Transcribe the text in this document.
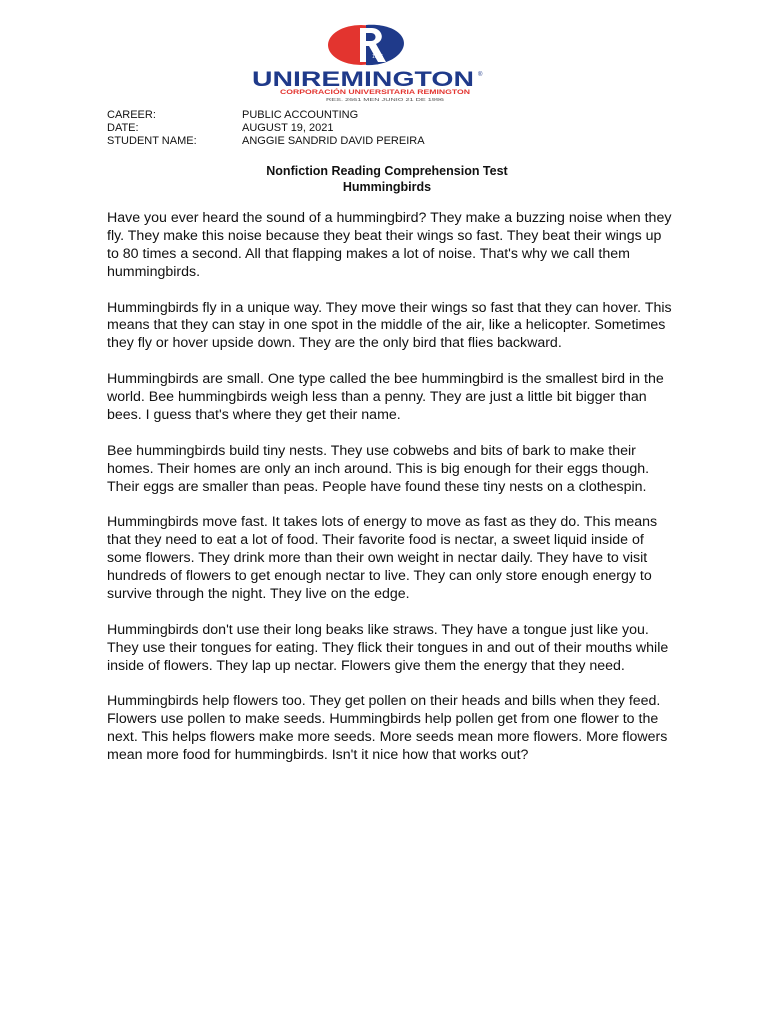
1915
UNIREMINGTON ®
CORPORACIÓN UNIVERSITARIA REMINGTON
RES. 2661 MEN JUNIO 21 DE 1996
CAREER:	PUBLIC ACCOUNTING
DATE:	AUGUST 19, 2021
STUDENT NAME:	ANGGIE SANDRID DAVID PEREIRA
Nonfiction Reading Comprehension Test
Hummingbirds

Have you ever heard the sound of a hummingbird? They make a buzzing noise when they fly. They make this noise because they beat their wings so fast. They beat their wings up to 80 times a second. All that flapping makes a lot of noise. That's why we call them hummingbirds.

Hummingbirds fly in a unique way. They move their wings so fast that they can hover. This means that they can stay in one spot in the middle of the air, like a helicopter. Sometimes they fly or hover upside down. They are the only bird that flies backward.

Hummingbirds are small. One type called the bee hummingbird is the smallest bird in the world. Bee hummingbirds weigh less than a penny. They are just a little bit bigger than bees. I guess that's where they get their name.

Bee hummingbirds build tiny nests. They use cobwebs and bits of bark to make their homes. Their homes are only an inch around. This is big enough for their eggs though. Their eggs are smaller than peas. People have found these tiny nests on a clothespin.

Hummingbirds move fast. It takes lots of energy to move as fast as they do. This means that they need to eat a lot of food. Their favorite food is nectar, a sweet liquid inside of some flowers. They drink more than their own weight in nectar daily. They have to visit hundreds of flowers to get enough nectar to live. They can only store enough energy to survive through the night. They live on the edge.

Hummingbirds don't use their long beaks like straws. They have a tongue just like you. They use their tongues for eating. They flick their tongues in and out of their mouths while inside of flowers. They lap up nectar. Flowers give them the energy that they need.

Hummingbirds help flowers too. They get pollen on their heads and bills when they feed. Flowers use pollen to make seeds. Hummingbirds help pollen get from one flower to the next. This helps flowers make more seeds. More seeds mean more flowers. More flowers mean more food for hummingbirds. Isn't it nice how that works out?
